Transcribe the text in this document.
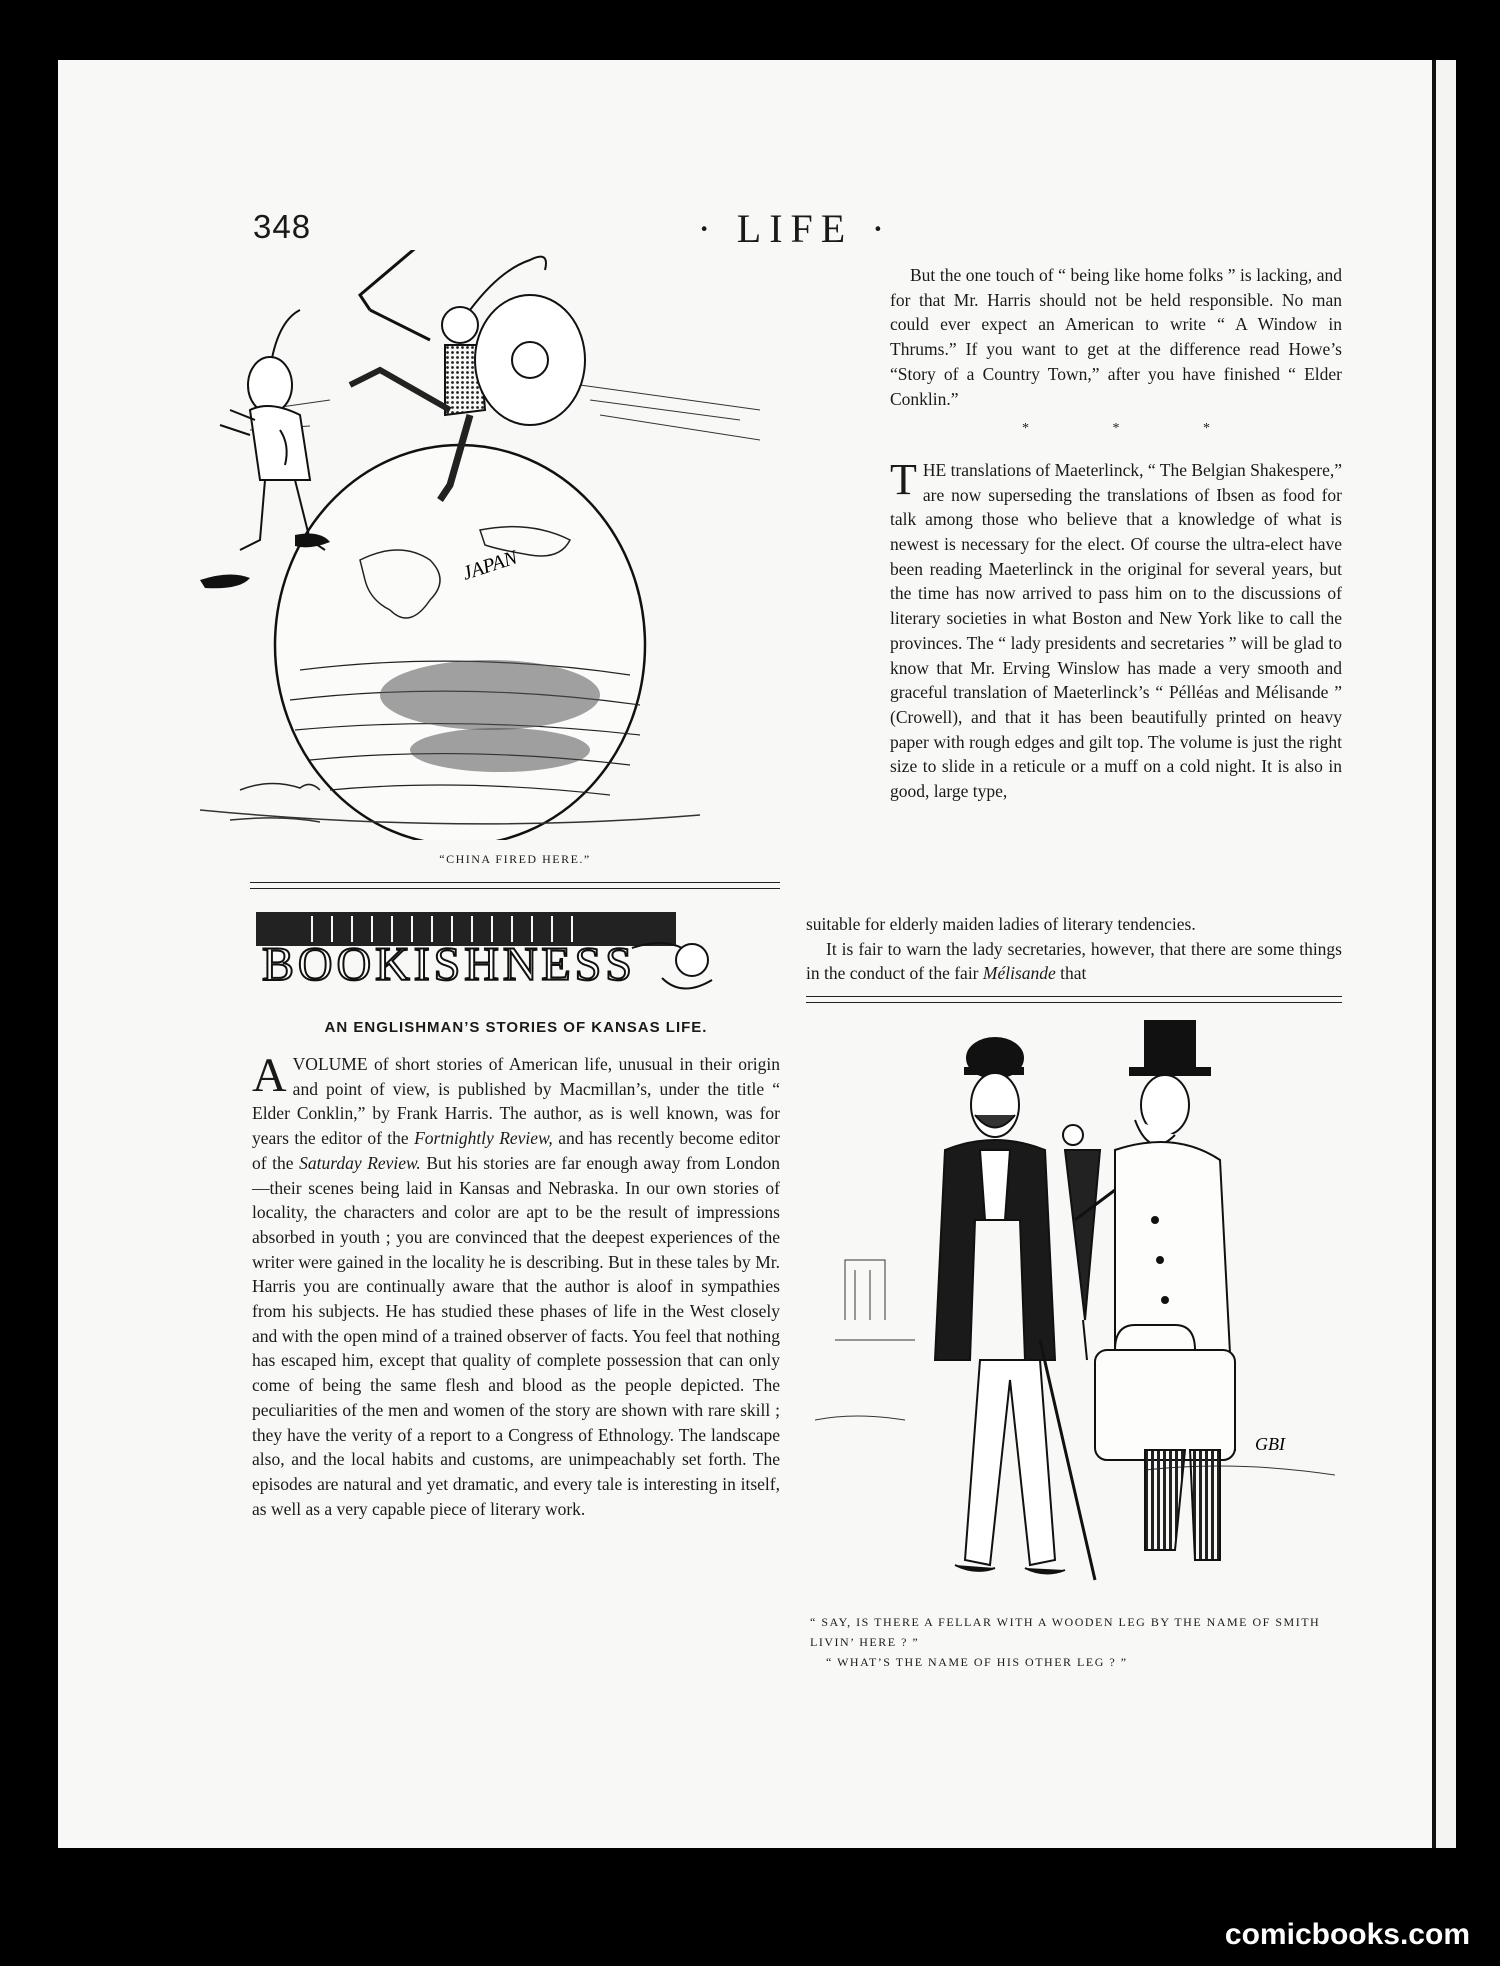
348	· LIFE ·
JAPAN
“CHINA FIRED HERE.”
BOOKISHNESS
AN ENGLISHMAN’S STORIES OF KANSAS LIFE.

A VOLUME of short stories of American life, unusual in their origin and point of view, is published by Macmillan’s, under the title “ Elder Conklin,” by Frank Harris. The author, as is well known, was for years the editor of the Fortnightly Review, and has recently become editor of the Saturday Review. But his stories are far enough away from London—their scenes being laid in Kansas and Nebraska. In our own stories of locality, the characters and color are apt to be the result of impressions absorbed in youth ; you are convinced that the deepest experiences of the writer were gained in the locality he is describing. But in these tales by Mr. Harris you are continually aware that the author is aloof in sympathies from his subjects. He has studied these phases of life in the West closely and with the open mind of a trained observer of facts. You feel that nothing has escaped him, except that quality of complete possession that can only come of being the same flesh and blood as the people depicted. The peculiarities of the men and women of the story are shown with rare skill ; they have the verity of a report to a Congress of Ethnology. The landscape also, and the local habits and customs, are unimpeachably set forth. The episodes are natural and yet dramatic, and every tale is interesting in itself, as well as a very capable piece of literary work.

But the one touch of “ being like home folks ” is lacking, and for that Mr. Harris should not be held responsible. No man could ever expect an American to write “ A Window in Thrums.” If you want to get at the difference read Howe’s “Story of a Country Town,” after you have finished “ Elder Conklin.”

* * *

THE translations of Maeterlinck, “ The Belgian Shakespere,” are now superseding the translations of Ibsen as food for talk among those who believe that a knowledge of what is newest is necessary for the elect. Of course the ultra-elect have been reading Maeterlinck in the original for several years, but the time has now arrived to pass him on to the discussions of literary societies in what Boston and New York like to call the provinces. The “ lady presidents and secretaries ” will be glad to know that Mr. Erving Winslow has made a very smooth and graceful translation of Maeterlinck’s “ Pélléas and Mélisande ” (Crowell), and that it has been beautifully printed on heavy paper with rough edges and gilt top. The volume is just the right size to slide in a reticule or a muff on a cold night. It is also in good, large type,

suitable for elderly maiden ladies of literary tendencies.

It is fair to warn the lady secretaries, however, that there are some things in the conduct of the fair Mélisande that

GBI
“ SAY, IS THERE A FELLAR WITH A WOODEN LEG BY THE NAME OF SMITH LIVIN’ HERE ? ”
“ WHAT’S THE NAME OF HIS OTHER LEG ? ”
comicbooks.com
